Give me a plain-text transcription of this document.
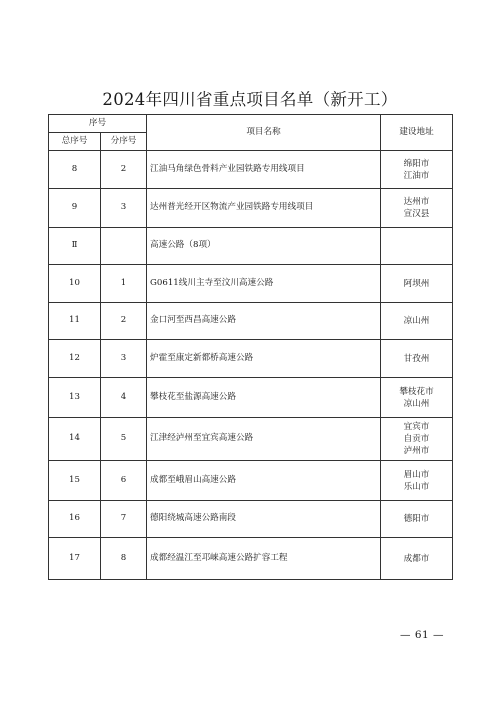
2024年四川省重点项目名单（新开工）
序号		项目名称	建设地址
总序号	分序号		
8	2	江油马角绿色骨料产业园铁路专用线项目	绵阳市
江油市

9	3	达州普光经开区物流产业园铁路专用线项目	达州市
宣汉县

Ⅱ		高速公路（8项）	
10	1	G0611线川主寺至汶川高速公路	阿坝州

11	2	金口河至西昌高速公路	凉山州

12	3	炉霍至康定新都桥高速公路	甘孜州

13	4	攀枝花至盐源高速公路	攀枝花市
凉山州

14	5	江津经泸州至宜宾高速公路	宜宾市
自贡市
泸州市

15	6	成都至峨眉山高速公路	眉山市
乐山市

16	7	德阳绕城高速公路南段	德阳市

17	8	成都经温江至邛崃高速公路扩容工程	成都市
— 61 —
